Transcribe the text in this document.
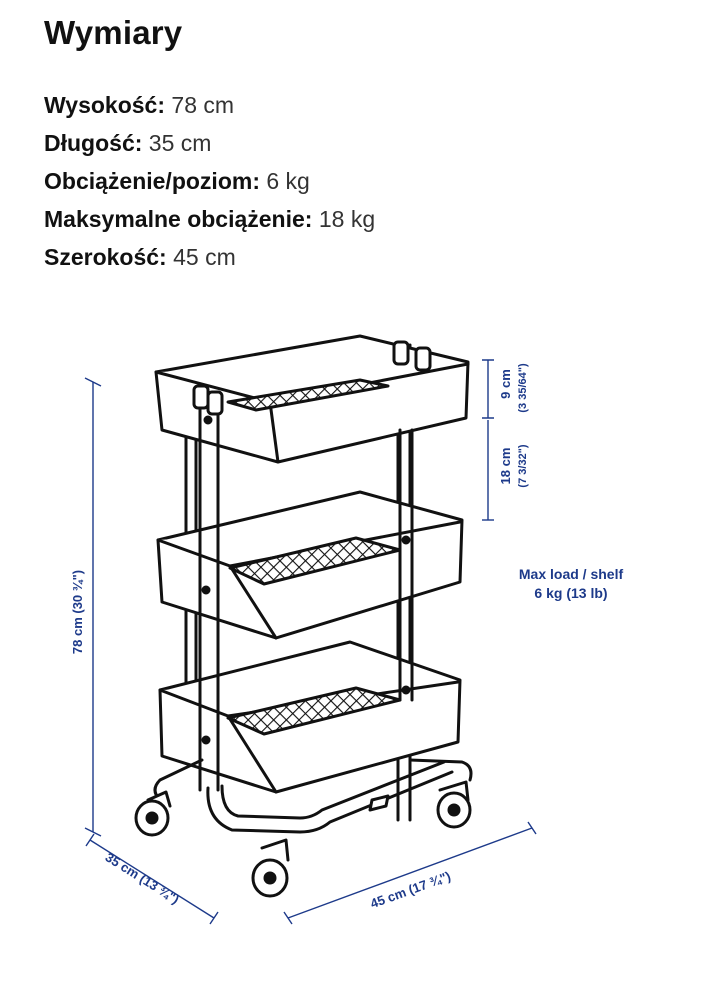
Wymiary
Wysokość: 78 cm
Długość: 35 cm
Obciążenie/poziom: 6 kg
Maksymalne obciążenie: 18 kg
Szerokość: 45 cm
78 cm (30 ¾")
9 cm (3 35/64")
18 cm (7 3/32")
35 cm (13 ¾")	45 cm (17 ¾")
Max load / shelf
6 kg (13 lb)
